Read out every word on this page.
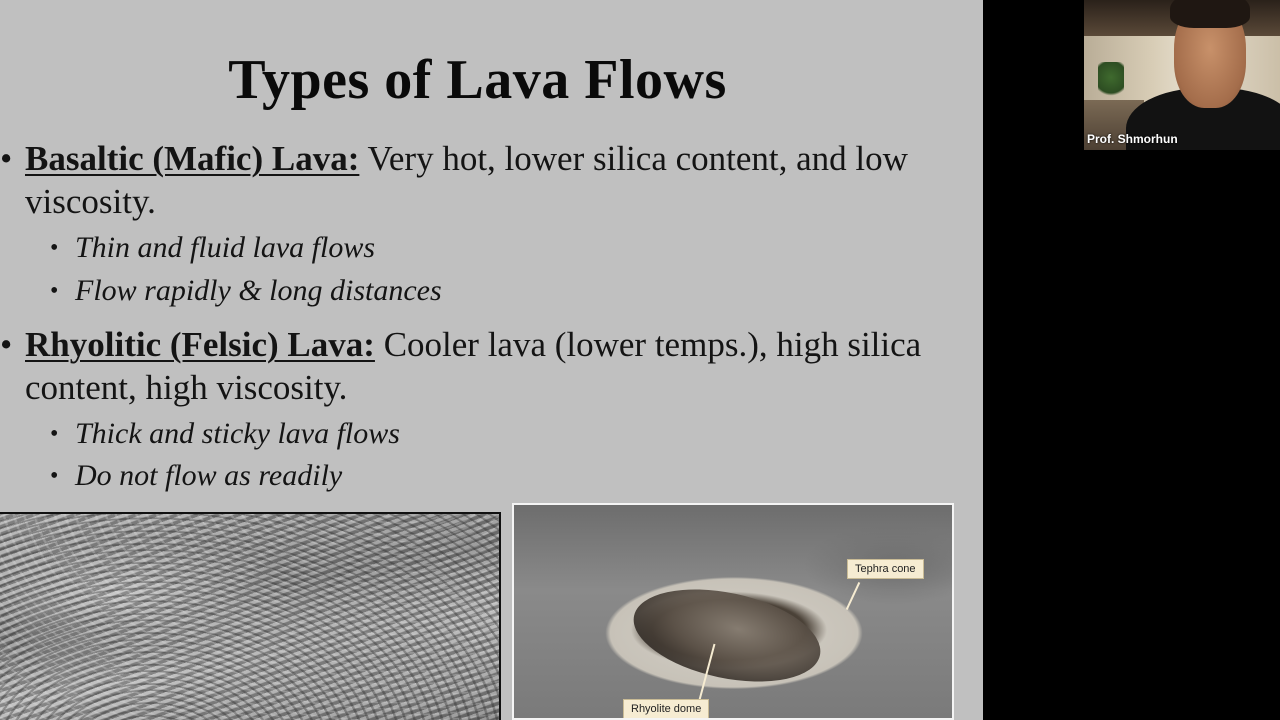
Types of Lava Flows
• Basaltic (Mafic) Lava: Very hot, lower silica content, and low viscosity.
• Thin and fluid lava flows
• Flow rapidly & long distances
• Rhyolitic (Felsic) Lava: Cooler lava (lower temps.), high silica content, high viscosity.
• Thick and sticky lava flows
• Do not flow as readily
Tephra cone
Rhyolite dome
Prof. Shmorhun
